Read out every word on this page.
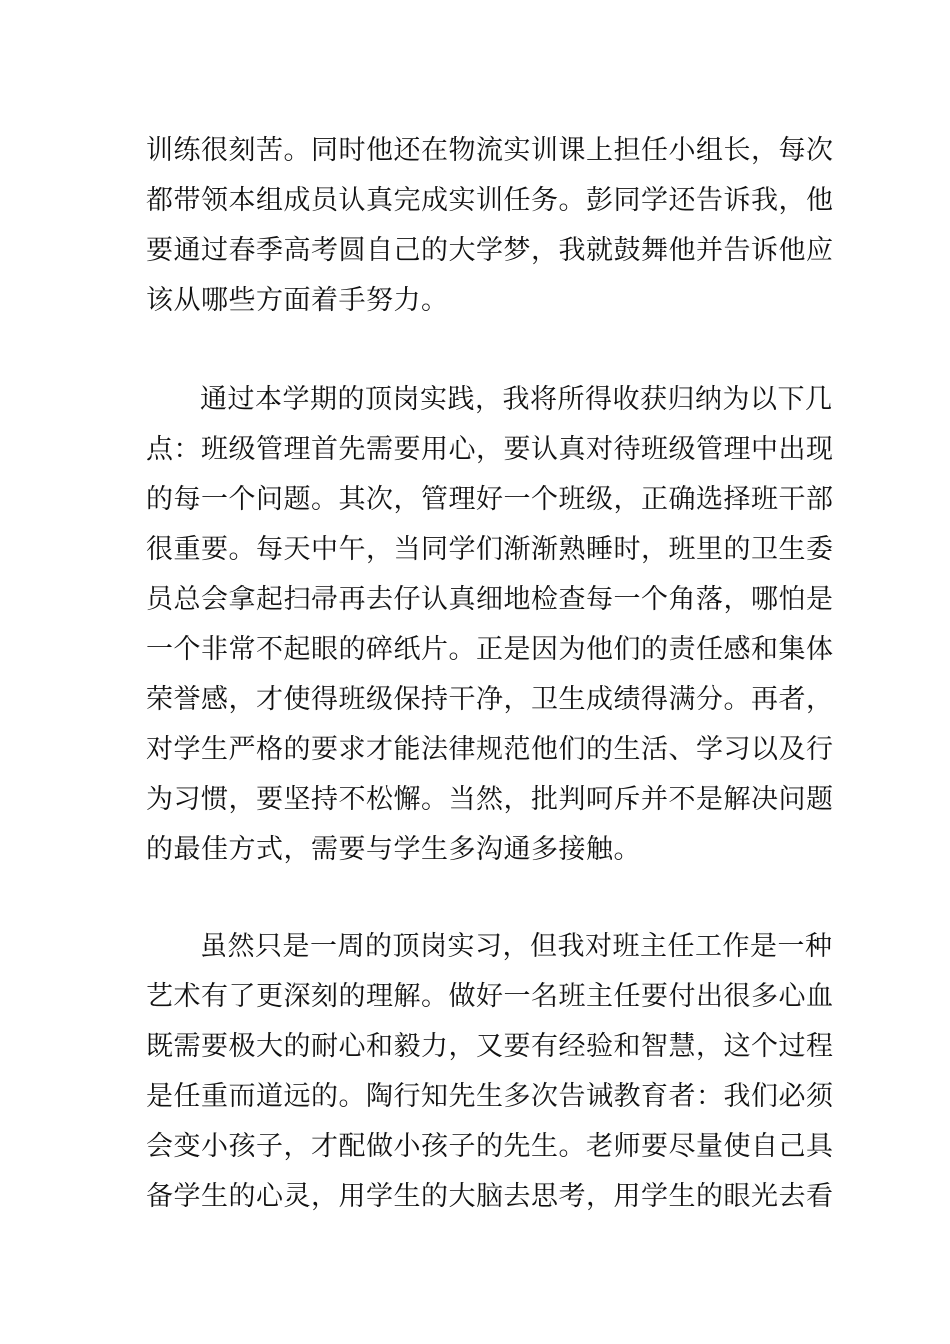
训练很刻苦。同时他还在物流实训课上担任小组长，每次
都带领本组成员认真完成实训任务。彭同学还告诉我，他
要通过春季高考圆自己的大学梦，我就鼓舞他并告诉他应
该从哪些方面着手努力。

通过本学期的顶岗实践，我将所得收获归纳为以下几
点：班级管理首先需要用心，要认真对待班级管理中出现
的每一个问题。其次，管理好一个班级，正确选择班干部
很重要。每天中午，当同学们渐渐熟睡时，班里的卫生委
员总会拿起扫帚再去仔认真细地检查每一个角落，哪怕是
一个非常不起眼的碎纸片。正是因为他们的责任感和集体
荣誉感，才使得班级保持干净，卫生成绩得满分。再者，
对学生严格的要求才能法律规范他们的生活、学习以及行
为习惯，要坚持不松懈。当然，批判呵斥并不是解决问题
的最佳方式，需要与学生多沟通多接触。

虽然只是一周的顶岗实习，但我对班主任工作是一种
艺术有了更深刻的理解。做好一名班主任要付出很多心血
既需要极大的耐心和毅力，又要有经验和智慧，这个过程
是任重而道远的。陶行知先生多次告诫教育者：我们必须
会变小孩子，才配做小孩子的先生。老师要尽量使自己具
备学生的心灵，用学生的大脑去思考，用学生的眼光去看
